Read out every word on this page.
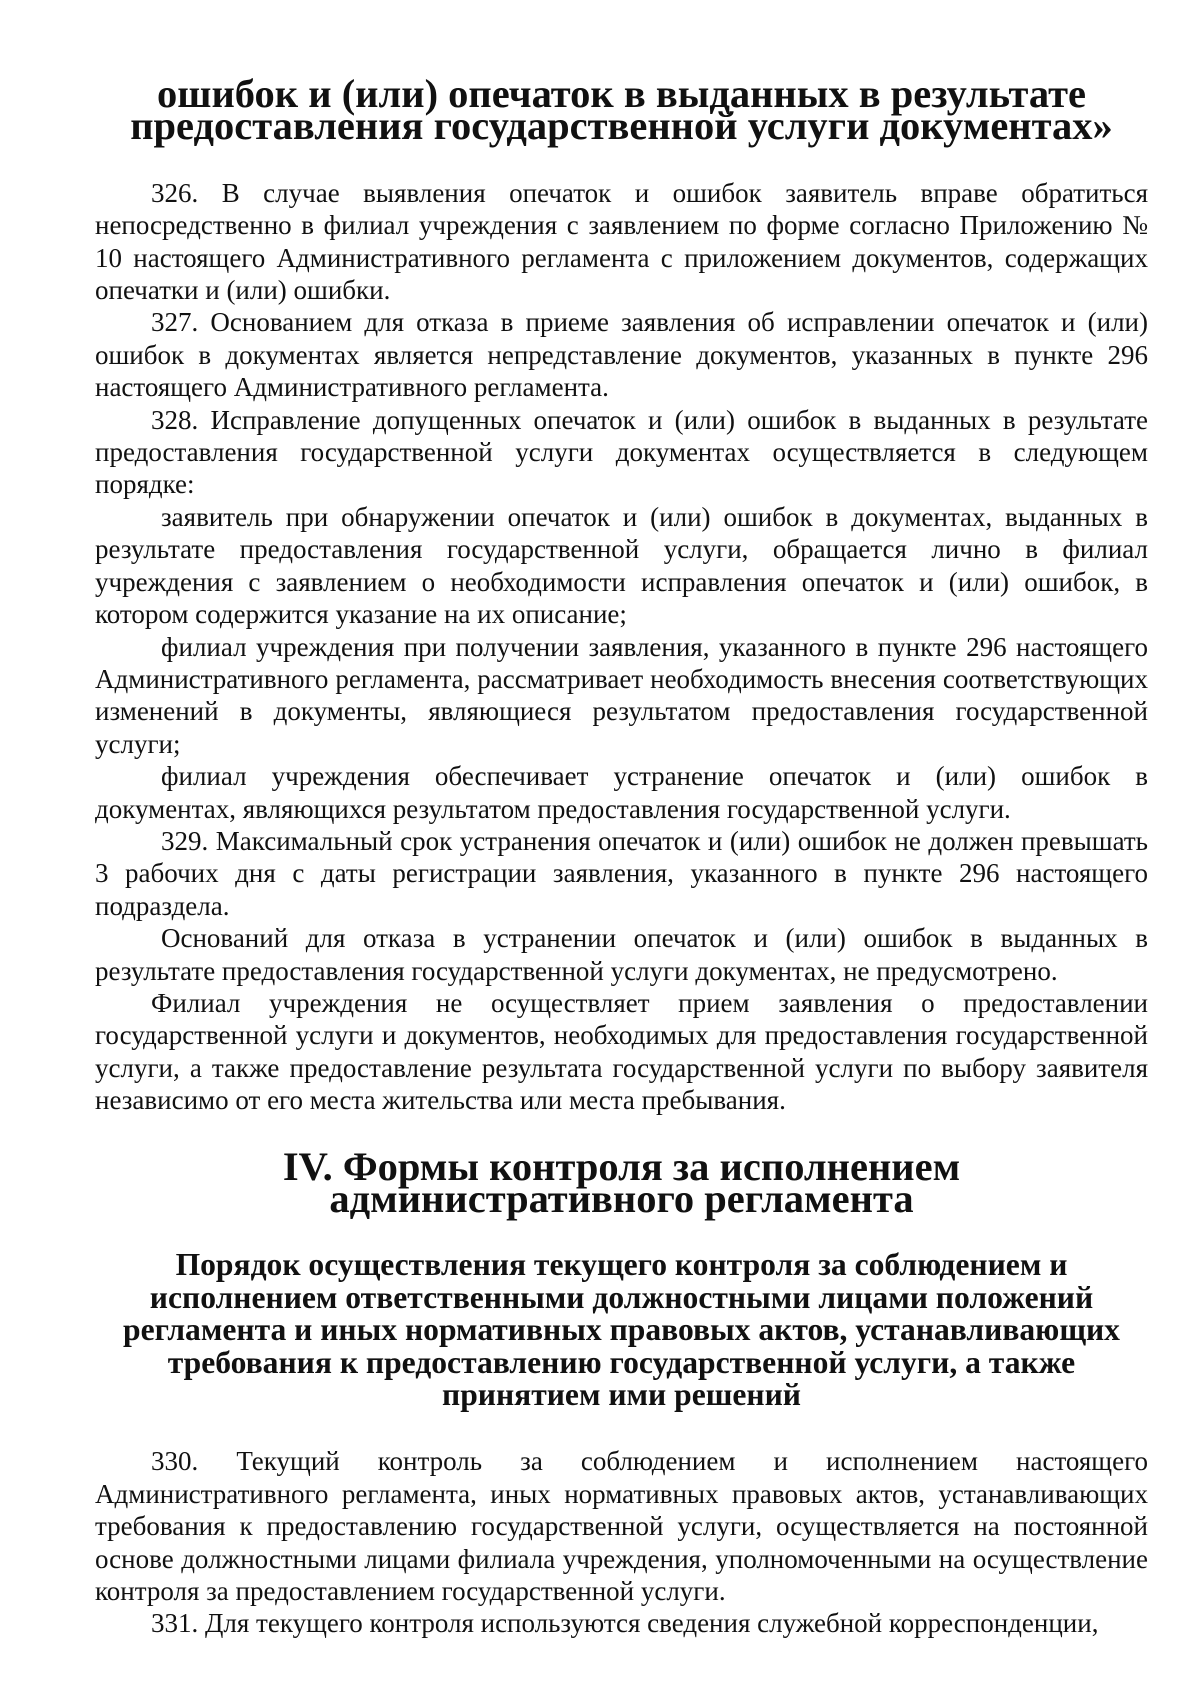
ошибок и (или) опечаток в выданных в результате предоставления государственной услуги документах»

326. В случае выявления опечаток и ошибок заявитель вправе обратиться непосредственно в филиал учреждения с заявлением по форме согласно Приложению № 10 настоящего Административного регламента с приложением документов, содержащих опечатки и (или) ошибки.

327. Основанием для отказа в приеме заявления об исправлении опечаток и (или) ошибок в документах является непредставление документов, указанных в пункте 296 настоящего Административного регламента.

328. Исправление допущенных опечаток и (или) ошибок в выданных в результате предоставления государственной услуги документах осуществляется в следующем порядке:

заявитель при обнаружении опечаток и (или) ошибок в документах, выданных в результате предоставления государственной услуги, обращается лично в филиал учреждения с заявлением о необходимости исправления опечаток и (или) ошибок, в котором содержится указание на их описание;

филиал учреждения при получении заявления, указанного в пункте 296 настоящего Административного регламента, рассматривает необходимость внесения соответствующих изменений в документы, являющиеся результатом предоставления государственной услуги;

филиал учреждения обеспечивает устранение опечаток и (или) ошибок в документах, являющихся результатом предоставления государственной услуги.

329. Максимальный срок устранения опечаток и (или) ошибок не должен превышать 3 рабочих дня с даты регистрации заявления, указанного в пункте 296 настоящего подраздела.

Оснований для отказа в устранении опечаток и (или) ошибок в выданных в результате предоставления государственной услуги документах, не предусмотрено.

Филиал учреждения не осуществляет прием заявления о предоставлении государственной услуги и документов, необходимых для предоставления государственной услуги, а также предоставление результата государственной услуги по выбору заявителя независимо от его места жительства или места пребывания.

IV. Формы контроля за исполнением административного регламента
Порядок осуществления текущего контроля за соблюдением и исполнением ответственными должностными лицами положений регламента и иных нормативных правовых актов, устанавливающих требования к предоставлению государственной услуги, а также принятием ими решений

330. Текущий контроль за соблюдением и исполнением настоящего Административного регламента, иных нормативных правовых актов, устанавливающих требования к предоставлению государственной услуги, осуществляется на постоянной основе должностными лицами филиала учреждения, уполномоченными на осуществление контроля за предоставлением государственной услуги.

331. Для текущего контроля используются сведения служебной корреспонденции,
